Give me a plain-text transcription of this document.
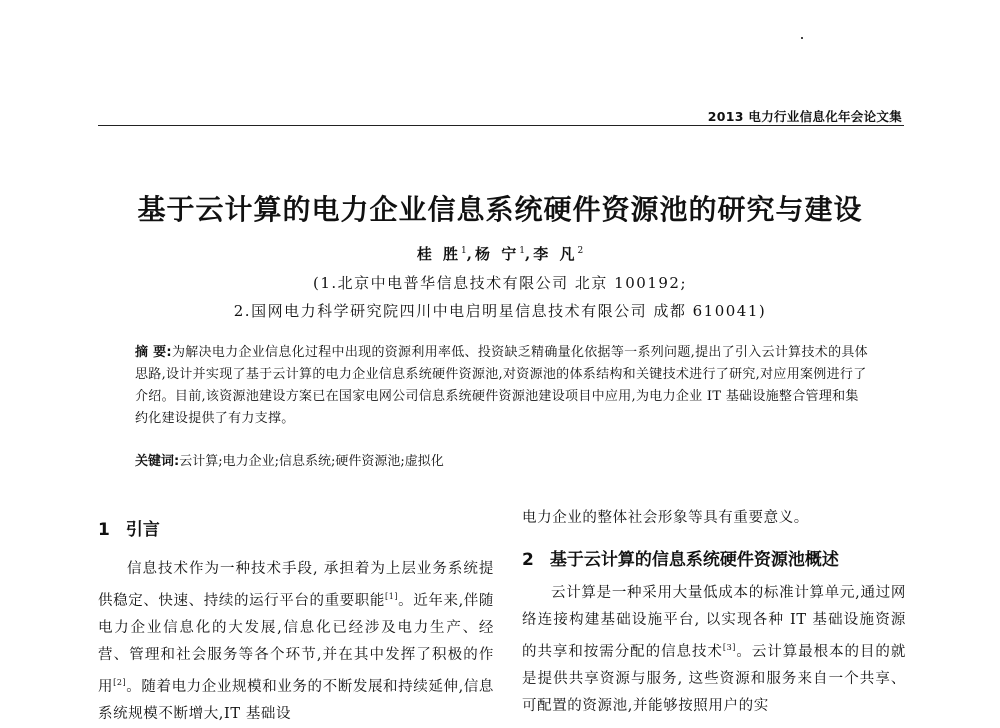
2013 电力行业信息化年会论文集
基于云计算的电力企业信息系统硬件资源池的研究与建设
桂 胜$^1$,杨 宁$^1$,李 凡$^2$
(1.北京中电普华信息技术有限公司 北京 100192;
2.国网电力科学研究院四川中电启明星信息技术有限公司 成都 610041)
摘 要:为解决电力企业信息化过程中出现的资源利用率低、投资缺乏精确量化依据等一系列问题,提出了引入云计算技术的具体思路,设计并实现了基于云计算的电力企业信息系统硬件资源池,对资源池的体系结构和关键技术进行了研究,对应用案例进行了介绍。目前,该资源池建设方案已在国家电网公司信息系统硬件资源池建设项目中应用,为电力企业 IT 基础设施整合管理和集约化建设提供了有力支撑。
关键词:云计算;电力企业;信息系统;硬件资源池;虚拟化
1 引言
信息技术作为一种技术手段, 承担着为上层业务系统提供稳定、快速、持续的运行平台的重要职能[1]。近年来,伴随电力企业信息化的大发展,信息化已经涉及电力生产、经营、管理和社会服务等各个环节,并在其中发挥了积极的作用[2]。随着电力企业规模和业务的不断发展和持续延伸,信息系统规模不断增大,IT 基础设
电力企业的整体社会形象等具有重要意义。
2 基于云计算的信息系统硬件资源池概述
云计算是一种采用大量低成本的标准计算单元,通过网络连接构建基础设施平台, 以实现各种 IT 基础设施资源的共享和按需分配的信息技术[3]。云计算最根本的目的就是提供共享资源与服务, 这些资源和服务来自一个共享、可配置的资源池,并能够按照用户的实
